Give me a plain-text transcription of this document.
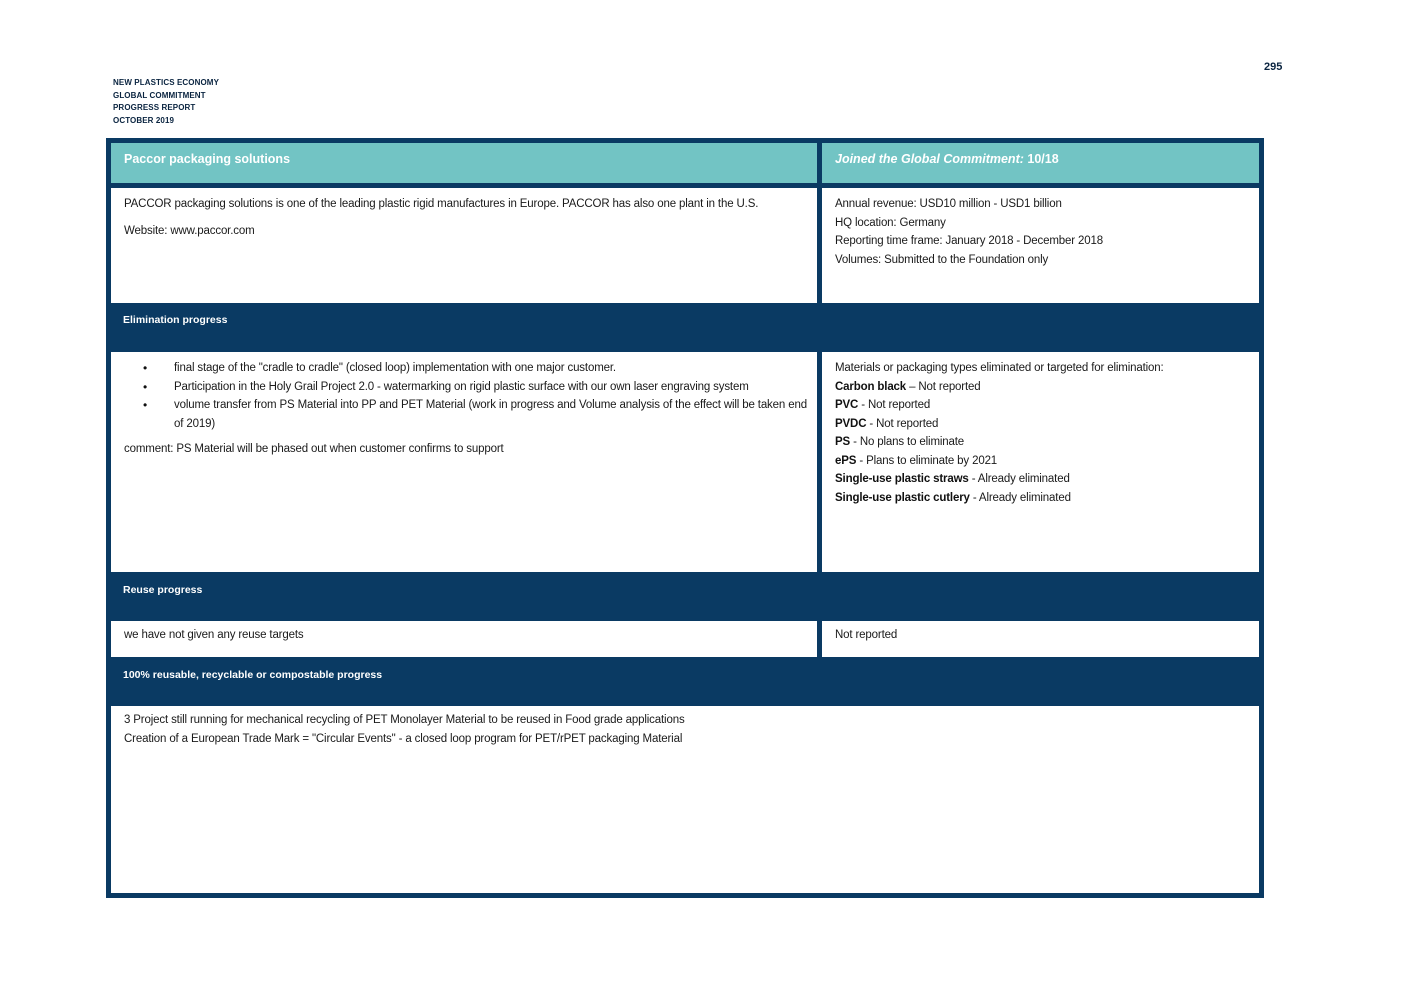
NEW PLASTICS ECONOMY
GLOBAL COMMITMENT
PROGRESS REPORT
OCTOBER 2019
295
Paccor packaging solutions	Joined the Global Commitment: 10/18

PACCOR packaging solutions is one of the leading plastic rigid manufactures in Europe. PACCOR has also one plant in the U.S.

Website: www.paccor.com

Annual revenue: USD10 million - USD1 billion

HQ location: Germany

Reporting time frame: January 2018 - December 2018

Volumes: Submitted to the Foundation only

Elimination progress
• final stage of the "cradle to cradle" (closed loop) implementation with one major customer.
• Participation in the Holy Grail Project 2.0 - watermarking on rigid plastic surface with our own laser engraving system
• volume transfer from PS Material into PP and PET Material (work in progress and Volume analysis of the effect will be taken end of 2019)

comment: PS Material will be phased out when customer confirms to support

Materials or packaging types eliminated or targeted for elimination:

Carbon black – Not reported

PVC - Not reported

PVDC - Not reported

PS - No plans to eliminate

ePS - Plans to eliminate by 2021

Single-use plastic straws - Already eliminated

Single-use plastic cutlery - Already eliminated

Reuse progress

we have not given any reuse targets	Not reported

100% reusable, recyclable or compostable progress

3 Project still running for mechanical recycling of PET Monolayer Material to be reused in Food grade applications

Creation of a European Trade Mark = "Circular Events" - a closed loop program for PET/rPET packaging Material
